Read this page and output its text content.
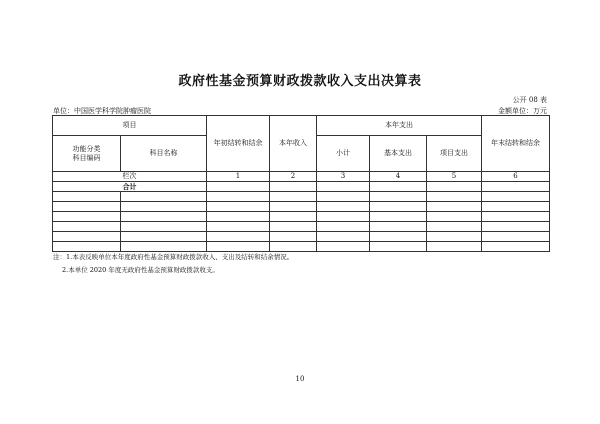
政府性基金预算财政拨款收入支出决算表
公开 08 表
单位：中国医学科学院肿瘤医院	金额单位：万元
项目		年初结转和结余	本年收入	本年支出			年末结转和结余
功能分类
科目编码	科目名称			小计	基本支出	项目支出	
栏次		1	2	3	4	5	6
合计							

注：1.本表反映单位本年度政府性基金预算财政拨款收入、支出及结转和结余情况。
2.本单位 2020 年度无政府性基金预算财政拨款收支。
10
